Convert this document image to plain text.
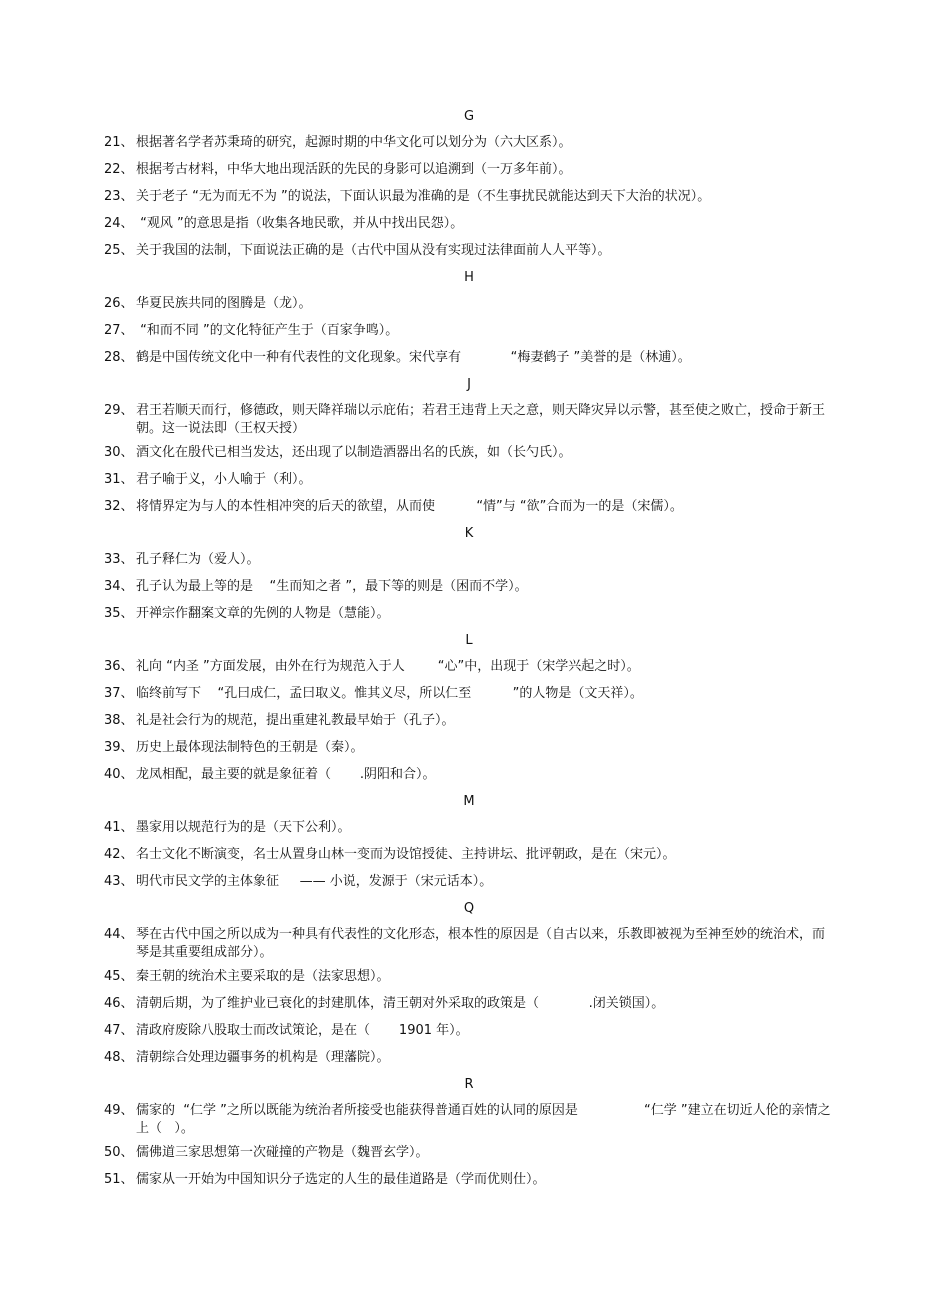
G
21、 根据著名学者苏秉琦的研究，起源时期的中华文化可以划分为（六大区系）。
22、 根据考古材料，中华大地出现活跃的先民的身影可以追溯到（一万多年前）。
23、 关于老子 “无为而无不为 ”的说法，下面认识最为准确的是（不生事扰民就能达到天下大治的状况）。
24、 “观风 ”的意思是指（收集各地民歌，并从中找出民怨）。
25、 关于我国的法制，下面说法正确的是（古代中国从没有实现过法律面前人人平等）。
H
26、 华夏民族共同的图腾是（龙）。
27、 “和而不同 ”的文化特征产生于（百家争鸣）。
28、 鹤是中国传统文化中一种有代表性的文化现象。宋代享有            “梅妻鹤子 ”美誉的是（林逋）。
J
29、 君王若顺天而行，修德政，则天降祥瑞以示庇佑；若君王违背上天之意，则天降灾异以示警，甚至使之败亡，授命于新王朝。这一说法即（王权天授）
30、 酒文化在殷代已相当发达，还出现了以制造酒器出名的氏族，如（长勺氏）。
31、 君子喻于义，小人喻于（利）。
32、 将情界定为与人的本性相冲突的后天的欲望，从而使          “情”与 “欲”合而为一的是（宋儒）。
K
33、 孔子释仁为（爱人）。
34、 孔子认为最上等的是    “生而知之者 ”，最下等的则是（困而不学）。
35、 开禅宗作翻案文章的先例的人物是（慧能）。
L
36、 礼向 “内圣 ”方面发展，由外在行为规范入于人        “心”中，出现于（宋学兴起之时）。
37、 临终前写下    “孔曰成仁，孟曰取义。惟其义尽，所以仁至          ”的人物是（文天祥）。
38、 礼是社会行为的规范，提出重建礼教最早始于（孔子）。
39、 历史上最体现法制特色的王朝是（秦）。
40、 龙凤相配，最主要的就是象征着（       .阴阳和合）。
M
41、 墨家用以规范行为的是（天下公利）。
42、 名士文化不断演变，名士从置身山林一变而为设馆授徒、主持讲坛、批评朝政，是在（宋元）。
43、 明代市民文学的主体象征     —— 小说，发源于（宋元话本）。
Q
44、 琴在古代中国之所以成为一种具有代表性的文化形态，根本性的原因是（自古以来，乐教即被视为至神至妙的统治术，而琴是其重要组成部分）。
45、 秦王朝的统治术主要采取的是（法家思想）。
46、 清朝后期，为了维护业已衰化的封建肌体，清王朝对外采取的政策是（            .闭关锁国）。
47、 清政府废除八股取士而改试策论，是在（       1901 年）。
48、 清朝综合处理边疆事务的机构是（理藩院）。
R
49、 儒家的  “仁学 ”之所以既能为统治者所接受也能获得普通百姓的认同的原因是                “仁学 ”建立在切近人伦的亲情之上（   ）。
50、 儒佛道三家思想第一次碰撞的产物是（魏晋玄学）。
51、 儒家从一开始为中国知识分子选定的人生的最佳道路是（学而优则仕）。
